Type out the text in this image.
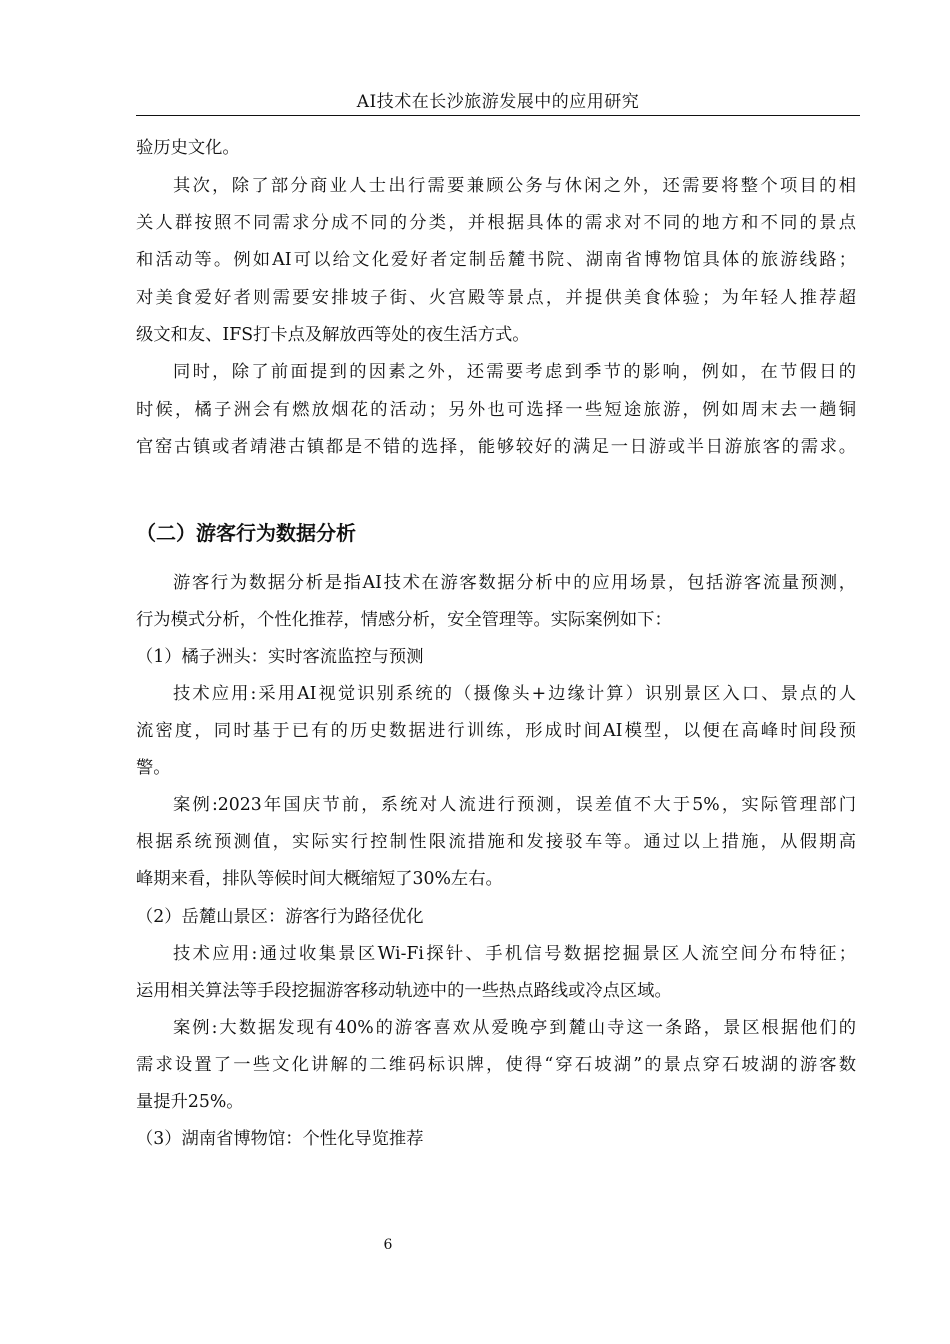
AI技术在长沙旅游发展中的应用研究
验历史文化。
其次，除了部分商业人士出行需要兼顾公务与休闲之外，还需要将整个项目的相
关人群按照不同需求分成不同的分类，并根据具体的需求对不同的地方和不同的景点
和活动等。例如AI可以给文化爱好者定制岳麓书院、湖南省博物馆具体的旅游线路；
对美食爱好者则需要安排坡子街、火宫殿等景点，并提供美食体验；为年轻人推荐超
级文和友、IFS打卡点及解放西等处的夜生活方式。
同时，除了前面提到的因素之外，还需要考虑到季节的影响，例如，在节假日的
时候，橘子洲会有燃放烟花的活动；另外也可选择一些短途旅游，例如周末去一趟铜
官窑古镇或者靖港古镇都是不错的选择，能够较好的满足一日游或半日游旅客的需求。
（二）游客行为数据分析
游客行为数据分析是指AI技术在游客数据分析中的应用场景，包括游客流量预测，
行为模式分析，个性化推荐，情感分析，安全管理等。实际案例如下：
（1）橘子洲头：实时客流监控与预测
技术应用:采用AI视觉识别系统的（摄像头+边缘计算）识别景区入口、景点的人
流密度，同时基于已有的历史数据进行训练，形成时间AI模型，以便在高峰时间段预
警。
案例:2023年国庆节前，系统对人流进行预测，误差值不大于5%，实际管理部门
根据系统预测值，实际实行控制性限流措施和发接驳车等。通过以上措施，从假期高
峰期来看，排队等候时间大概缩短了30%左右。
（2）岳麓山景区：游客行为路径优化
技术应用:通过收集景区Wi-Fi探针、手机信号数据挖掘景区人流空间分布特征；
运用相关算法等手段挖掘游客移动轨迹中的一些热点路线或冷点区域。
案例:大数据发现有40%的游客喜欢从爱晚亭到麓山寺这一条路，景区根据他们的
需求设置了一些文化讲解的二维码标识牌，使得“穿石坡湖”的景点穿石坡湖的游客数
量提升25%。
（3）湖南省博物馆：个性化导览推荐
6
